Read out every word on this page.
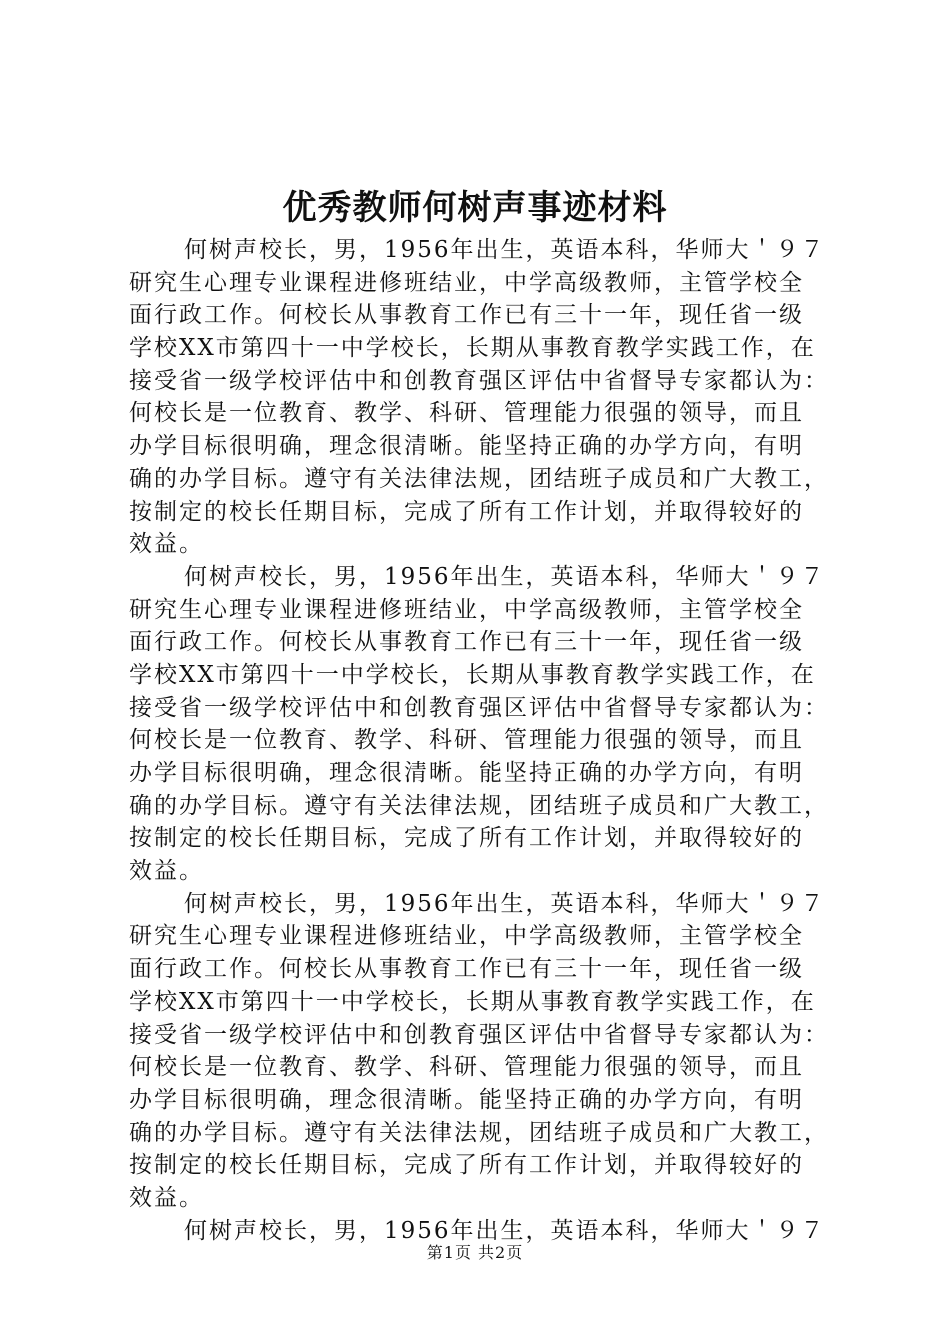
优秀教师何树声事迹材料
何树声校长，男，1956年出生，英语本科，华师大＇９７
研究生心理专业课程进修班结业，中学高级教师，主管学校全
面行政工作。何校长从事教育工作已有三十一年，现任省一级
学校XX市第四十一中学校长，长期从事教育教学实践工作，在
接受省一级学校评估中和创教育强区评估中省督导专家都认为：
何校长是一位教育、教学、科研、管理能力很强的领导，而且
办学目标很明确，理念很清晰。能坚持正确的办学方向，有明
确的办学目标。遵守有关法律法规，团结班子成员和广大教工，
按制定的校长任期目标，完成了所有工作计划，并取得较好的
效益。
何树声校长，男，1956年出生，英语本科，华师大＇９７
研究生心理专业课程进修班结业，中学高级教师，主管学校全
面行政工作。何校长从事教育工作已有三十一年，现任省一级
学校XX市第四十一中学校长，长期从事教育教学实践工作，在
接受省一级学校评估中和创教育强区评估中省督导专家都认为：
何校长是一位教育、教学、科研、管理能力很强的领导，而且
办学目标很明确，理念很清晰。能坚持正确的办学方向，有明
确的办学目标。遵守有关法律法规，团结班子成员和广大教工，
按制定的校长任期目标，完成了所有工作计划，并取得较好的
效益。
何树声校长，男，1956年出生，英语本科，华师大＇９７
研究生心理专业课程进修班结业，中学高级教师，主管学校全
面行政工作。何校长从事教育工作已有三十一年，现任省一级
学校XX市第四十一中学校长，长期从事教育教学实践工作，在
接受省一级学校评估中和创教育强区评估中省督导专家都认为：
何校长是一位教育、教学、科研、管理能力很强的领导，而且
办学目标很明确，理念很清晰。能坚持正确的办学方向，有明
确的办学目标。遵守有关法律法规，团结班子成员和广大教工，
按制定的校长任期目标，完成了所有工作计划，并取得较好的
效益。
何树声校长，男，1956年出生，英语本科，华师大＇９７
第1页 共2页
